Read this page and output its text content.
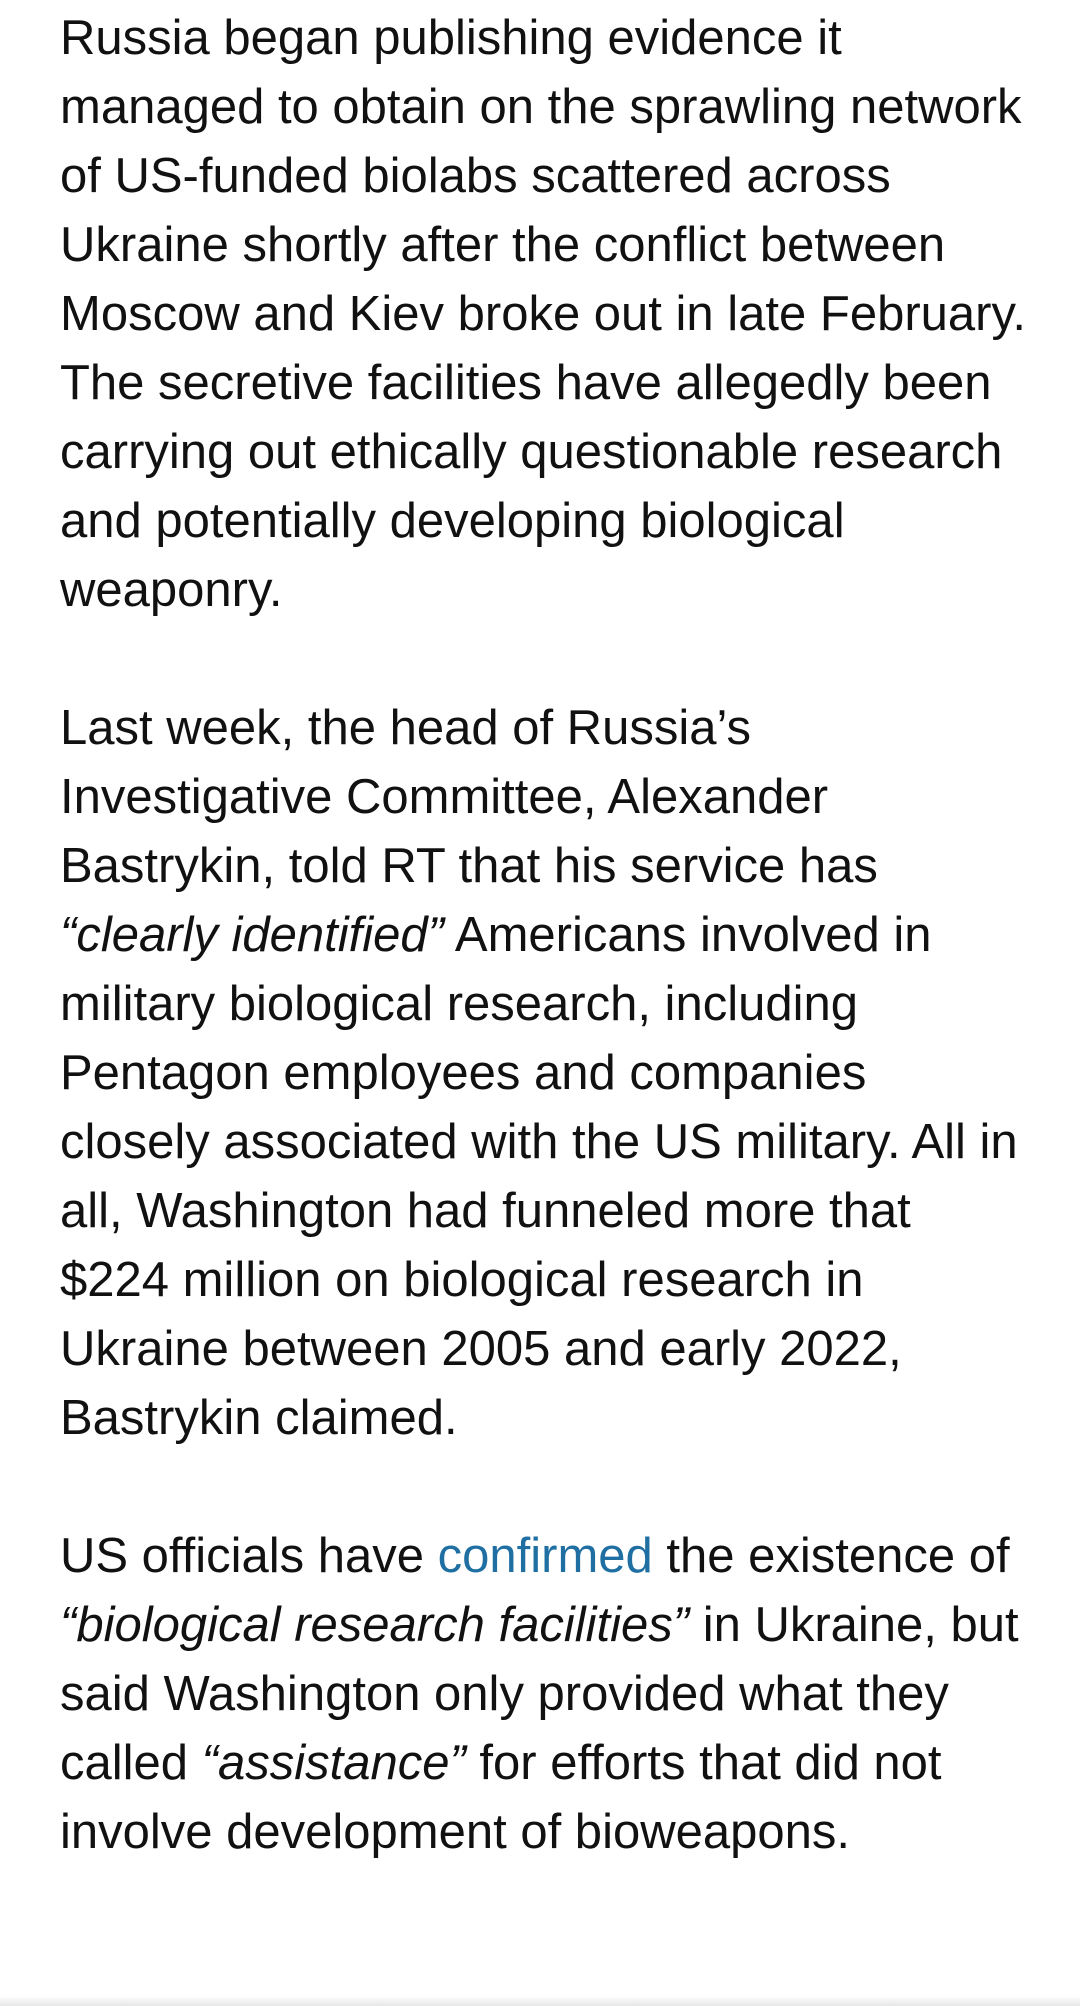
Russia began publishing evidence it managed to obtain on the sprawling network of US-funded biolabs scattered across Ukraine shortly after the conflict between Moscow and Kiev broke out in late February. The secretive facilities have allegedly been carrying out ethically questionable research and potentially developing biological weaponry.

Last week, the head of Russia’s Investigative Committee, Alexander Bastrykin, told RT that his service has “clearly identified” Americans involved in military biological research, including Pentagon employees and companies closely associated with the US military. All in all, Washington had funneled more that $224 million on biological research in Ukraine between 2005 and early 2022, Bastrykin claimed.

US officials have confirmed the existence of “biological research facilities” in Ukraine, but said Washington only provided what they called “assistance” for efforts that did not involve development of bioweapons.
